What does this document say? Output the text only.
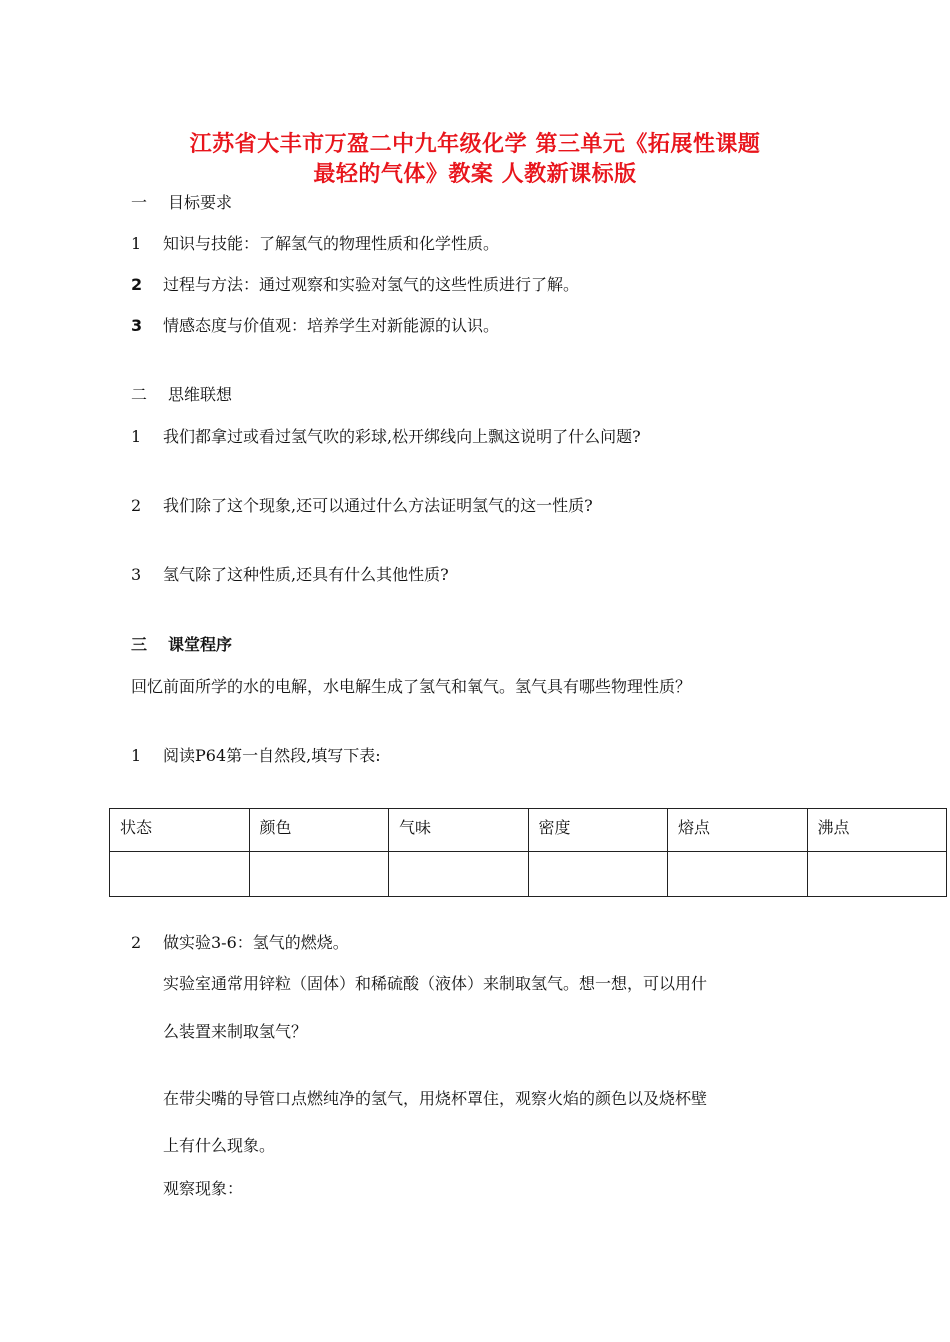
江苏省大丰市万盈二中九年级化学 第三单元《拓展性课题
最轻的气体》教案 人教新课标版
一 目标要求
1 知识与技能：了解氢气的物理性质和化学性质。
2 过程与方法：通过观察和实验对氢气的这些性质进行了解。
3 情感态度与价值观：培养学生对新能源的认识。
二 思维联想
1 我们都拿过或看过氢气吹的彩球,松开绑线向上飘这说明了什么问题?
2 我们除了这个现象,还可以通过什么方法证明氢气的这一性质?
3 氢气除了这种性质,还具有什么其他性质?
三 课堂程序
回忆前面所学的水的电解，水电解生成了氢气和氧气。氢气具有哪些物理性质？
1 阅读P64第一自然段,填写下表:
状态	颜色	气味	密度	熔点	沸点

2 做实验3-6：氢气的燃烧。
实验室通常用锌粒（固体）和稀硫酸（液体）来制取氢气。想一想，可以用什
么装置来制取氢气？
在带尖嘴的导管口点燃纯净的氢气，用烧杯罩住，观察火焰的颜色以及烧杯壁
上有什么现象。
观察现象：
